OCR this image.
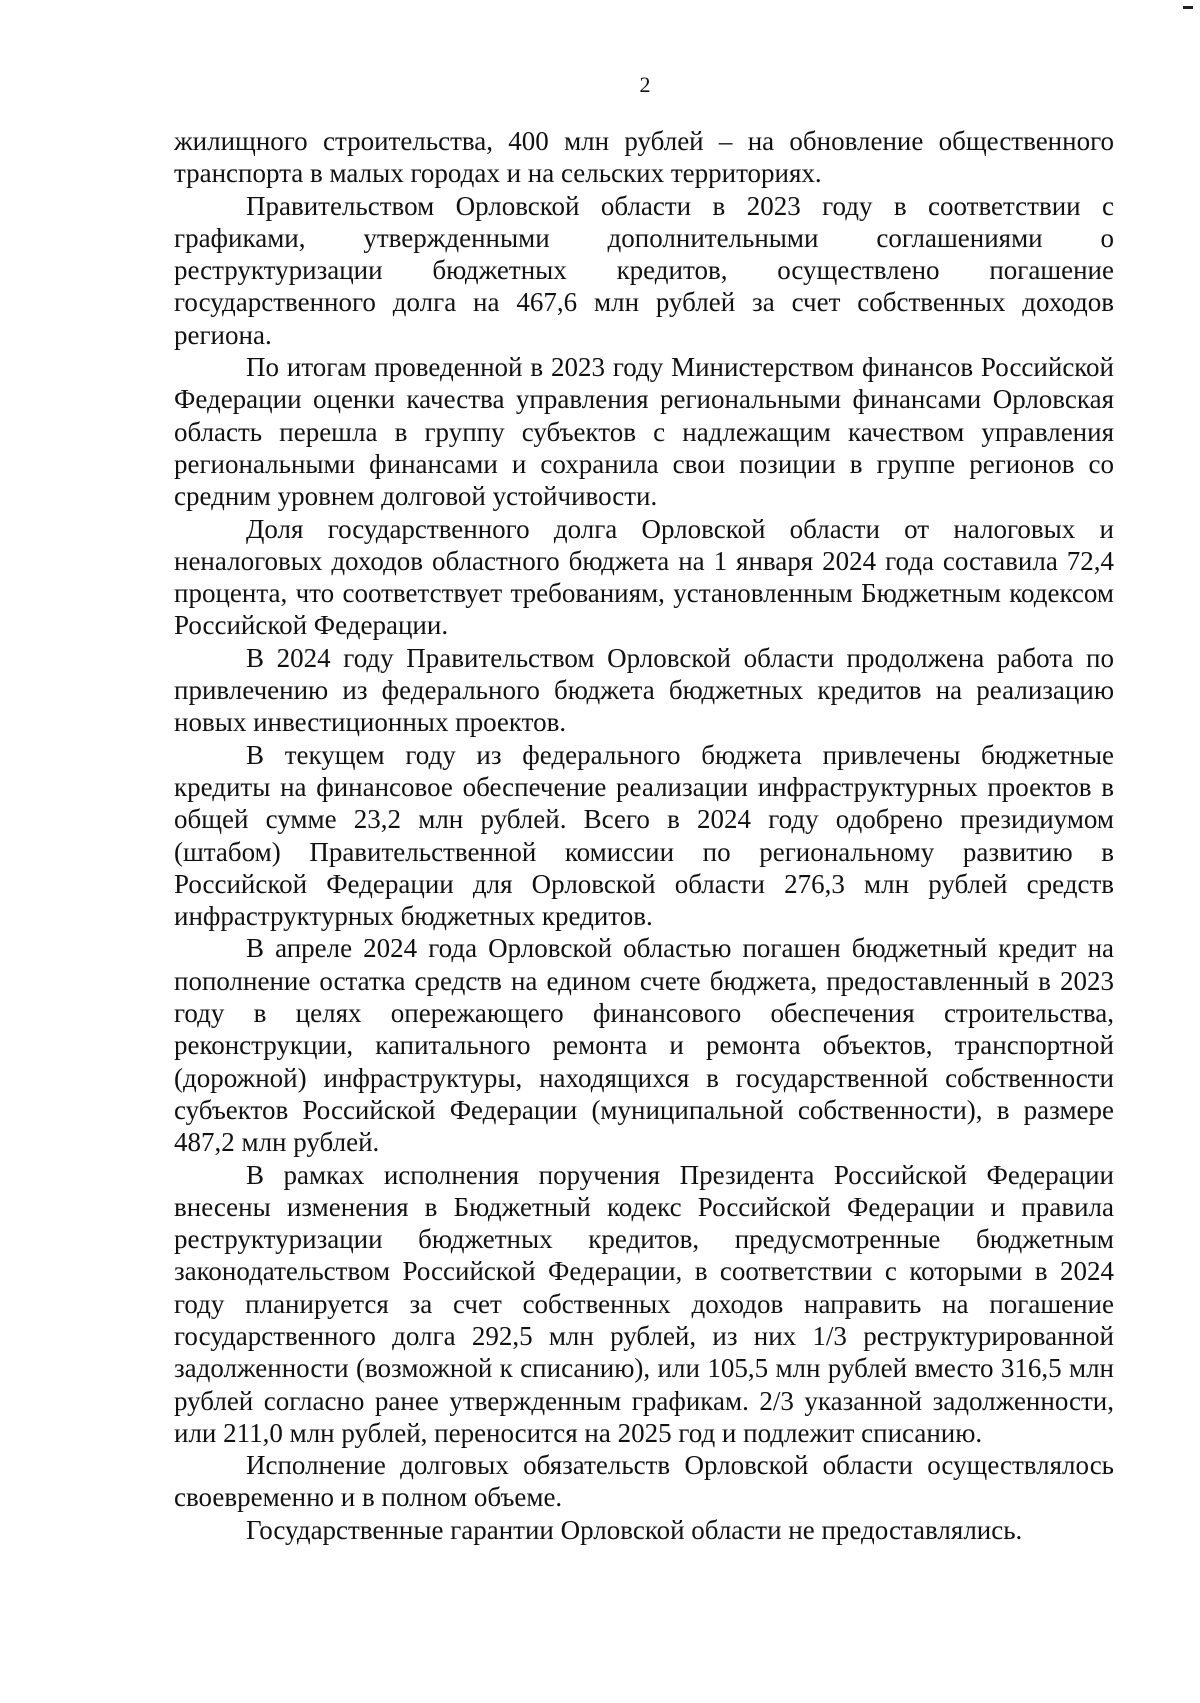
2

жилищного строительства, 400 млн рублей – на обновление общественного транспорта в малых городах и на сельских территориях.

Правительством Орловской области в 2023 году в соответствии с графиками, утвержденными дополнительными соглашениями о реструктуризации бюджетных кредитов, осуществлено погашение государственного долга на 467,6 млн рублей за счет собственных доходов региона.

По итогам проведенной в 2023 году Министерством финансов Российской Федерации оценки качества управления региональными финансами Орловская область перешла в группу субъектов с надлежащим качеством управления региональными финансами и сохранила свои позиции в группе регионов со средним уровнем долговой устойчивости.

Доля государственного долга Орловской области от налоговых и неналоговых доходов областного бюджета на 1 января 2024 года составила 72,4 процента, что соответствует требованиям, установленным Бюджетным кодексом Российской Федерации.

В 2024 году Правительством Орловской области продолжена работа по привлечению из федерального бюджета бюджетных кредитов на реализацию новых инвестиционных проектов.

В текущем году из федерального бюджета привлечены бюджетные кредиты на финансовое обеспечение реализации инфраструктурных проектов в общей сумме 23,2 млн рублей. Всего в 2024 году одобрено президиумом (штабом) Правительственной комиссии по региональному развитию в Российской Федерации для Орловской области 276,3 млн рублей средств инфраструктурных бюджетных кредитов.

В апреле 2024 года Орловской областью погашен бюджетный кредит на пополнение остатка средств на едином счете бюджета, предоставленный в 2023 году в целях опережающего финансового обеспечения строительства, реконструкции, капитального ремонта и ремонта объектов, транспортной (дорожной) инфраструктуры, находящихся в государственной собственности субъектов Российской Федерации (муниципальной собственности), в размере 487,2 млн рублей.

В рамках исполнения поручения Президента Российской Федерации внесены изменения в Бюджетный кодекс Российской Федерации и правила реструктуризации бюджетных кредитов, предусмотренные бюджетным законодательством Российской Федерации, в соответствии с которыми в 2024 году планируется за счет собственных доходов направить на погашение государственного долга 292,5 млн рублей, из них 1/3 реструктурированной задолженности (возможной к списанию), или 105,5 млн рублей вместо 316,5 млн рублей согласно ранее утвержденным графикам. 2/3 указанной задолженности, или 211,0 млн рублей, переносится на 2025 год и подлежит списанию.

Исполнение долговых обязательств Орловской области осуществлялось своевременно и в полном объеме.

Государственные гарантии Орловской области не предоставлялись.
